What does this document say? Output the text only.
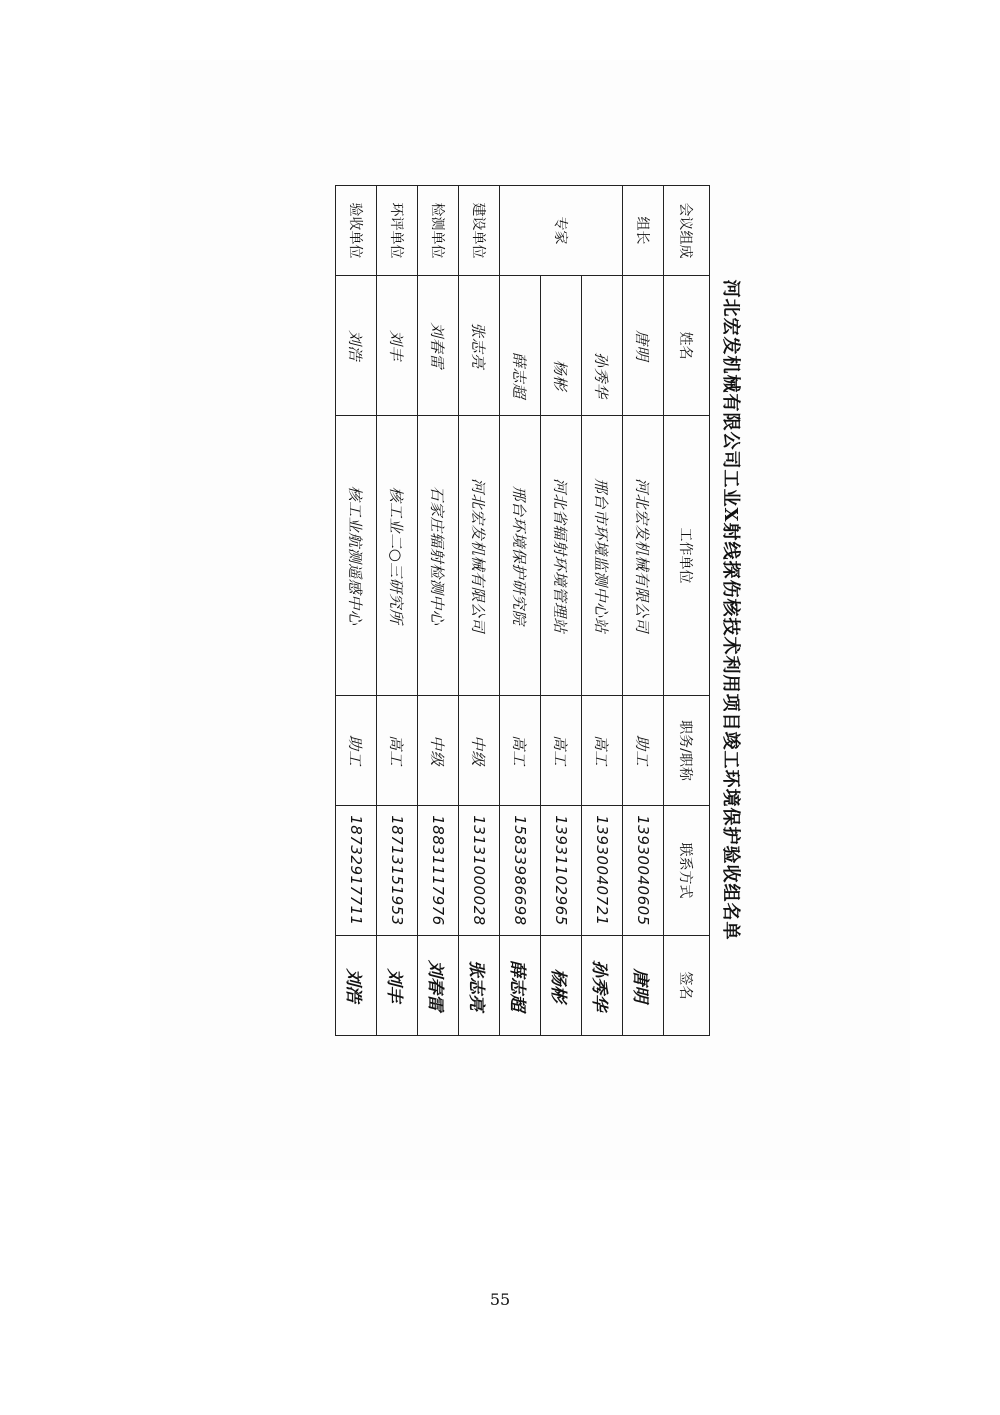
河北宏发机械有限公司工业X射线探伤核技术利用项目竣工环境保护验收组名单
会议组成	姓名		工作单位	职务/职称	联系方式	签名
组长	唐明		河北宏发机械有限公司	助工	13930040605	唐明
专家		孙秀华	邢台市环境监测中心站	高工	13930040721	孙秀华
		杨彬	河北省辐射环境管理站	高工	13931102965	杨彬
		薛志超	邢台环境保护研究院	高工	15833986698	薛志超
建设单位	张志亮		河北宏发机械有限公司	中级	13131000028	张志亮
检测单位	刘春雷		石家庄辐射检测中心	中级	18831117976	刘春雷
环评单位	刘丰		核工业二○三研究所	高工	18713151953	刘丰
验收单位	刘浩		核工业航测遥感中心	助工	18732917711	刘浩
55
